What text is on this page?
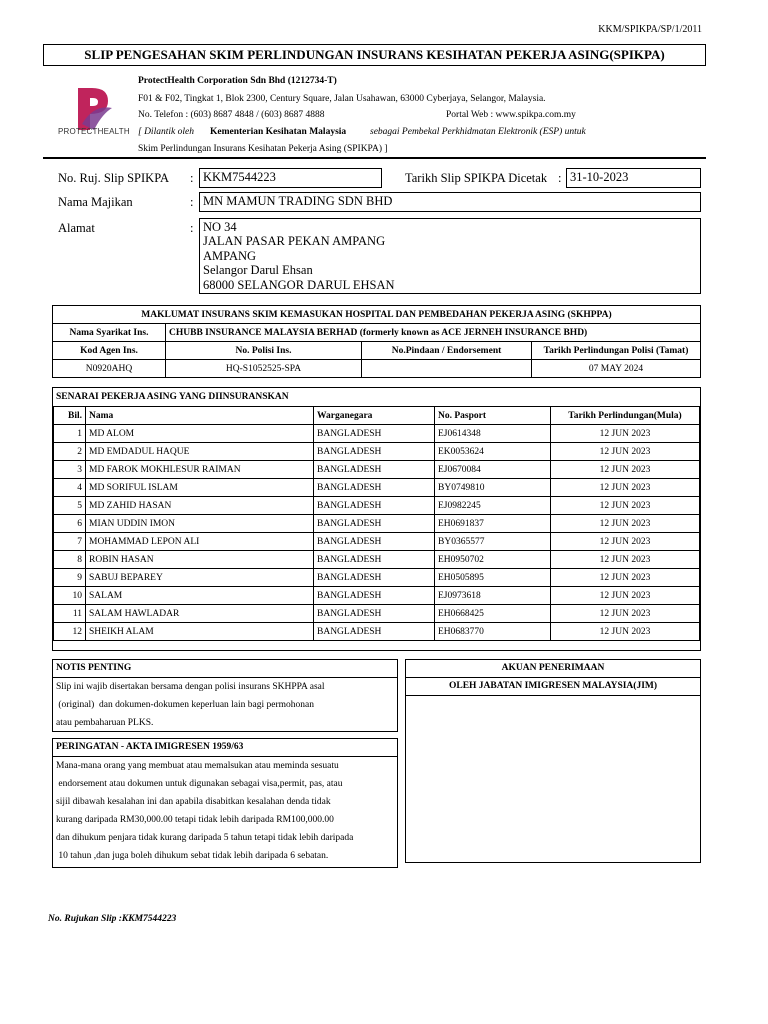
KKM/SPIKPA/SP/1/2011
SLIP PENGESAHAN SKIM PERLINDUNGAN INSURANS KESIHATAN PEKERJA ASING(SPIKPA)
PROTECTHEALTH
ProtectHealth Corporation Sdn Bhd (1212734-T)
F01 & F02, Tingkat 1, Blok 2300, Century Square, Jalan Usahawan, 63000 Cyberjaya, Selangor, Malaysia.
No. Telefon : (603) 8687 4848 / (603) 8687 4888	Portal Web : www.spikpa.com.my
[ Dilantik oleh Kementerian Kesihatan Malaysia	sebagai Pembekal Perkhidmatan Elektronik (ESP) untuk
Skim Perlindungan Insurans Kesihatan Pekerja Asing (SPIKPA) ]
No. Ruj. Slip SPIKPA : KKM7544223	Tarikh Slip SPIKPA Dicetak : 31-10-2023
Nama Majikan	: MN MAMUN TRADING SDN BHD
Alamat	: NO 34
JALAN PASAR PEKAN AMPANG
AMPANG
Selangor Darul Ehsan
68000 SELANGOR DARUL EHSAN
MAKLUMAT INSURANS SKIM KEMASUKAN HOSPITAL DAN PEMBEDAHAN PEKERJA ASING (SKHPPA)			
Nama Syarikat Ins.	CHUBB INSURANCE MALAYSIA BERHAD (formerly known as ACE JERNEH INSURANCE BHD)		
Kod Agen Ins.	No. Polisi Ins.	No.Pindaan / Endorsement	Tarikh Perlindungan Polisi (Tamat)
N0920AHQ	HQ-S1052525-SPA		07 MAY 2024
SENARAI PEKERJA ASING YANG DIINSURANSKAN
Bil.	Nama	Warganegara	No. Pasport	Tarikh Perlindungan(Mula)
1	MD ALOM	BANGLADESH	EJ0614348	12 JUN 2023
2	MD EMDADUL HAQUE	BANGLADESH	EK0053624	12 JUN 2023
3	MD FAROK MOKHLESUR RAIMAN	BANGLADESH	EJ0670084	12 JUN 2023
4	MD SORIFUL ISLAM	BANGLADESH	BY0749810	12 JUN 2023
5	MD ZAHID HASAN	BANGLADESH	EJ0982245	12 JUN 2023
6	MIAN UDDIN IMON	BANGLADESH	EH0691837	12 JUN 2023
7	MOHAMMAD LEPON ALI	BANGLADESH	BY0365577	12 JUN 2023
8	ROBIN HASAN	BANGLADESH	EH0950702	12 JUN 2023
9	SABUJ BEPAREY	BANGLADESH	EH0505895	12 JUN 2023
10	SALAM	BANGLADESH	EJ0973618	12 JUN 2023
11	SALAM HAWLADAR	BANGLADESH	EH0668425	12 JUN 2023
12	SHEIKH ALAM	BANGLADESH	EH0683770	12 JUN 2023
NOTIS PENTING
Slip ini wajib disertakan bersama dengan polisi insurans SKHPPA asal
(original)  dan dokumen-dokumen keperluan lain bagi permohonan
atau pembaharuan PLKS.
PERINGATAN - AKTA IMIGRESEN 1959/63
Mana-mana orang yang membuat atau memalsukan atau meminda sesuatu
endorsement atau dokumen untuk digunakan sebagai visa,permit, pas, atau
sijil dibawah kesalahan ini dan apabila disabitkan kesalahan denda tidak
kurang daripada RM30,000.00 tetapi tidak lebih daripada RM100,000.00
dan dihukum penjara tidak kurang daripada 5 tahun tetapi tidak lebih daripada
10 tahun ,dan juga boleh dihukum sebat tidak lebih daripada 6 sebatan.
AKUAN PENERIMAAN
OLEH JABATAN IMIGRESEN MALAYSIA(JIM)
No. Rujukan Slip :KKM7544223
